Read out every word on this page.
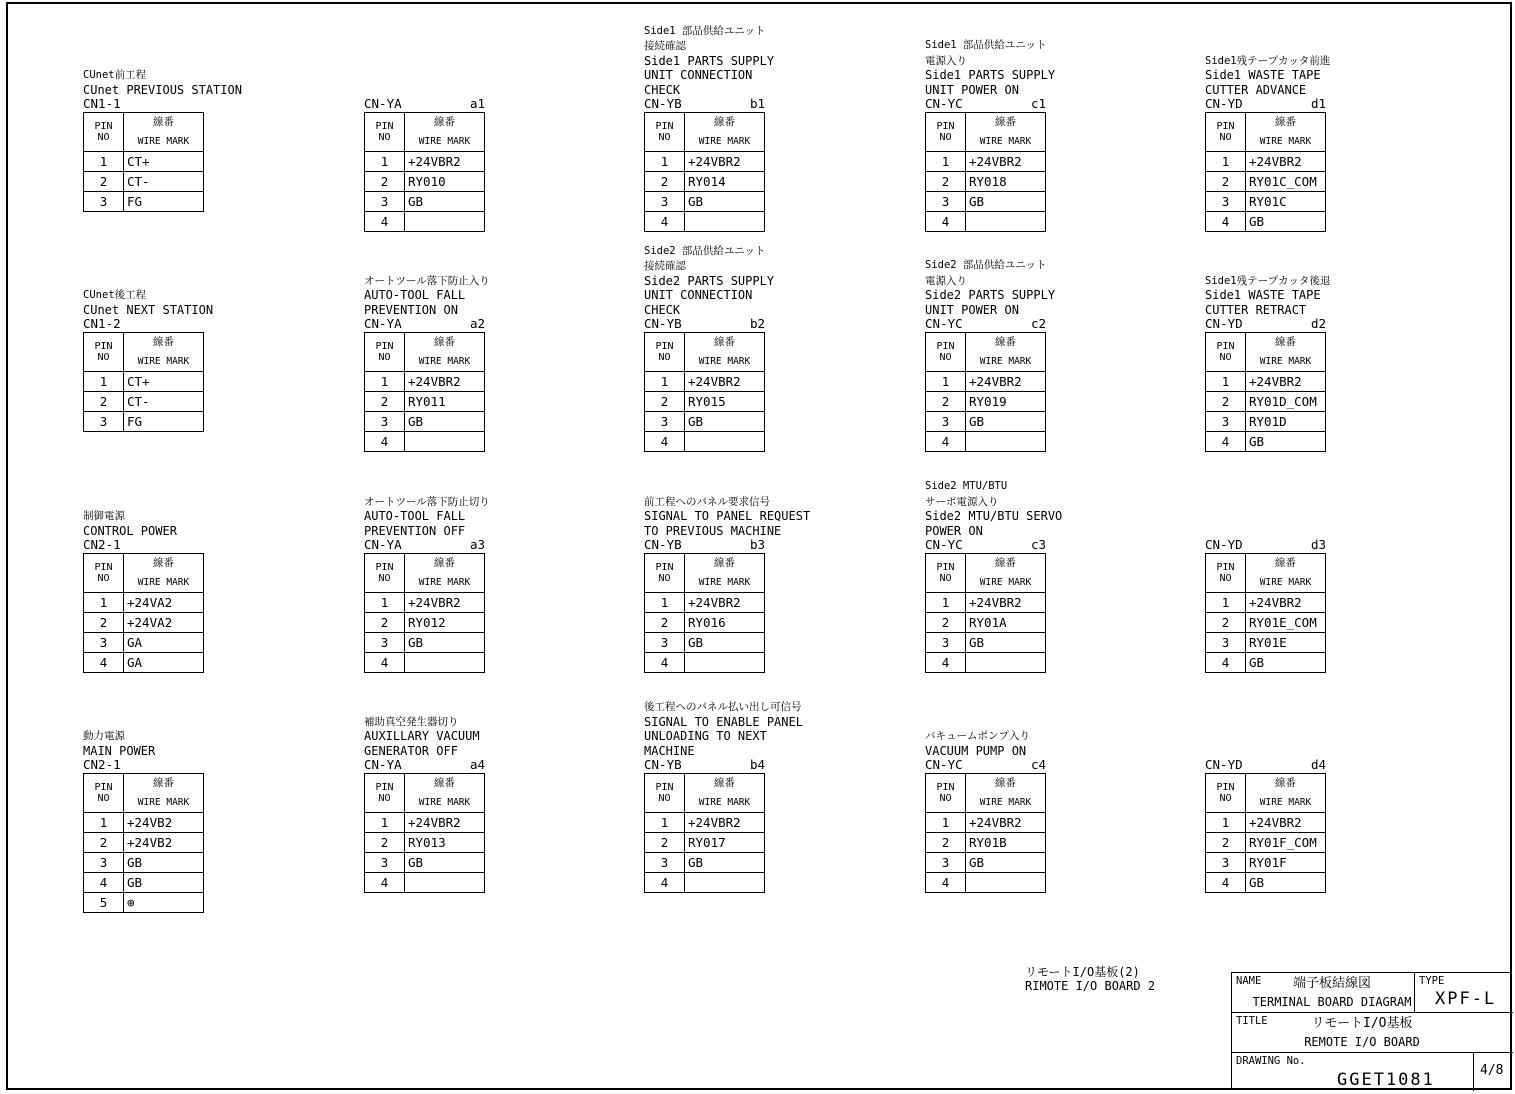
CUnet前工程
CUnet PREVIOUS STATION
CN1-1
PIN
NO	線番
WIRE MARK
1	CT+
2	CT-
3	FG
CUnet後工程
CUnet NEXT STATION
CN1-2
PIN
NO	線番
WIRE MARK
1	CT+
2	CT-
3	FG
制御電源
CONTROL POWER
CN2-1
PIN
NO	線番
WIRE MARK
1	+24VA2
2	+24VA2
3	GA
4	GA
動力電源
MAIN POWER
CN2-1
PIN
NO	線番
WIRE MARK
1	+24VB2
2	+24VB2
3	GB
4	GB
5	⊕
CN-YA	a1
PIN
NO	線番
WIRE MARK
1	+24VBR2
2	RY010
3	GB
4	
オートツール落下防止入り
AUTO-TOOL FALL
PREVENTION ON
CN-YA	a2
PIN
NO	線番
WIRE MARK
1	+24VBR2
2	RY011
3	GB
4	
オートツール落下防止切り
AUTO-TOOL FALL
PREVENTION OFF
CN-YA	a3
PIN
NO	線番
WIRE MARK
1	+24VBR2
2	RY012
3	GB
4	
補助真空発生器切り
AUXILLARY VACUUM
GENERATOR OFF
CN-YA	a4
PIN
NO	線番
WIRE MARK
1	+24VBR2
2	RY013
3	GB
4	
Side1 部品供給ユニット
接続確認
Side1 PARTS SUPPLY
UNIT CONNECTION
CHECK
CN-YB	b1
PIN
NO	線番
WIRE MARK
1	+24VBR2
2	RY014
3	GB
4	
Side2 部品供給ユニット
接続確認
Side2 PARTS SUPPLY
UNIT CONNECTION
CHECK
CN-YB	b2
PIN
NO	線番
WIRE MARK
1	+24VBR2
2	RY015
3	GB
4	
前工程へのパネル要求信号
SIGNAL TO PANEL REQUEST
TO PREVIOUS MACHINE
CN-YB	b3
PIN
NO	線番
WIRE MARK
1	+24VBR2
2	RY016
3	GB
4	
後工程へのパネル払い出し可信号
SIGNAL TO ENABLE PANEL
UNLOADING TO NEXT
MACHINE
CN-YB	b4
PIN
NO	線番
WIRE MARK
1	+24VBR2
2	RY017
3	GB
4	
Side1 部品供給ユニット
電源入り
Side1 PARTS SUPPLY
UNIT POWER ON
CN-YC	c1
PIN
NO	線番
WIRE MARK
1	+24VBR2
2	RY018
3	GB
4	
Side2 部品供給ユニット
電源入り
Side2 PARTS SUPPLY
UNIT POWER ON
CN-YC	c2
PIN
NO	線番
WIRE MARK
1	+24VBR2
2	RY019
3	GB
4	
Side2 MTU/BTU
サーボ電源入り
Side2 MTU/BTU SERVO
POWER ON
CN-YC	c3
PIN
NO	線番
WIRE MARK
1	+24VBR2
2	RY01A
3	GB
4	
バキュームポンプ入り
VACUUM PUMP ON
CN-YC	c4
PIN
NO	線番
WIRE MARK
1	+24VBR2
2	RY01B
3	GB
4	
Side1残テープカッタ前進
Side1 WASTE TAPE
CUTTER ADVANCE
CN-YD	d1
PIN
NO	線番
WIRE MARK
1	+24VBR2
2	RY01C_COM
3	RY01C
4	GB
Side1残テープカッタ後退
Side1 WASTE TAPE
CUTTER RETRACT
CN-YD	d2
PIN
NO	線番
WIRE MARK
1	+24VBR2
2	RY01D_COM
3	RY01D
4	GB
CN-YD	d3
PIN
NO	線番
WIRE MARK
1	+24VBR2
2	RY01E_COM
3	RY01E
4	GB
CN-YD	d4
PIN
NO	線番
WIRE MARK
1	+24VBR2
2	RY01F_COM
3	RY01F
4	GB
リモートI/O基板(2)
RIMOTE I/O BOARD 2	NAME	端子板結線図
TERMINAL BOARD DIAGRAM
TYPE
XPF-L
TITLE	リモートI/O基板
REMOTE I/O BOARD
DRAWING No.
GGET1081	4/8
